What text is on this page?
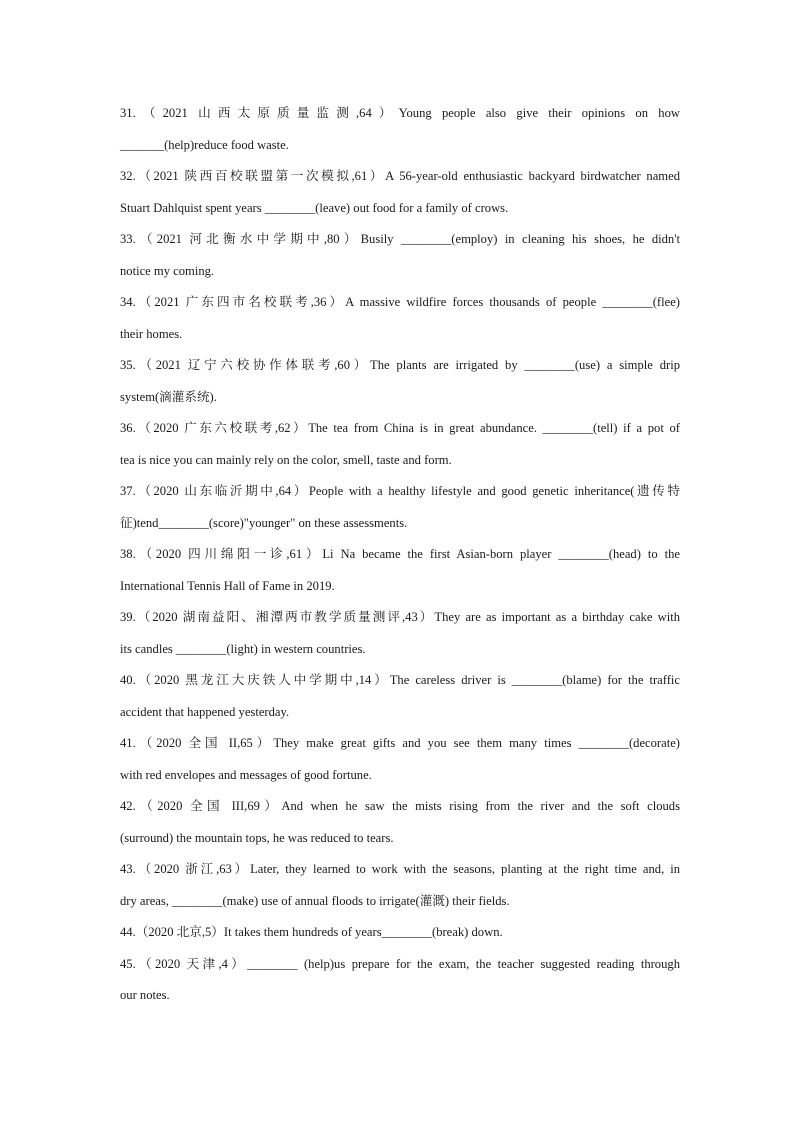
31.（2021 山西太原质量监测,64）Young people also give their opinions on how
_______(help)reduce food waste.
32.（2021 陕西百校联盟第一次模拟,61）A 56-year-old enthusiastic backyard birdwatcher named
Stuart Dahlquist spent years ________(leave) out food for a family of crows.
33.（2021 河北衡水中学期中,80）Busily ________(employ) in cleaning his shoes, he didn't
notice my coming.
34.（2021 广东四市名校联考,36）A massive wildfire forces thousands of people ________(flee)
their homes.
35.（2021 辽宁六校协作体联考,60）The plants are irrigated by ________(use) a simple drip
system(滴灌系统).
36.（2020 广东六校联考,62）The tea from China is in great abundance. ________(tell) if a pot of
tea is nice you can mainly rely on the color, smell, taste and form.
37.（2020 山东临沂期中,64）People with a healthy lifestyle and good genetic inheritance(遗传特
征)tend________(score)"younger" on these assessments.
38.（2020 四川绵阳一诊,61）Li Na became the first Asian-born player ________(head) to the
International Tennis Hall of Fame in 2019.
39.（2020 湖南益阳、湘潭两市教学质量测评,43）They are as important as a birthday cake with
its candles ________(light) in western countries.
40.（2020 黑龙江大庆铁人中学期中,14）The careless driver is ________(blame) for the traffic
accident that happened yesterday.
41.（2020 全国 II,65）They make great gifts and you see them many times ________(decorate)
with red envelopes and messages of good fortune.
42.（2020 全国 III,69）And when he saw the mists rising from the river and the soft clouds
(surround) the mountain tops, he was reduced to tears.
43.（2020 浙江,63）Later, they learned to work with the seasons, planting at the right time and, in
dry areas, ________(make) use of annual floods to irrigate(灌溉) their fields.
44.（2020 北京,5）It takes them hundreds of years________(break) down.
45.（2020 天津,4）________ (help)us prepare for the exam, the teacher suggested reading through
our notes.
